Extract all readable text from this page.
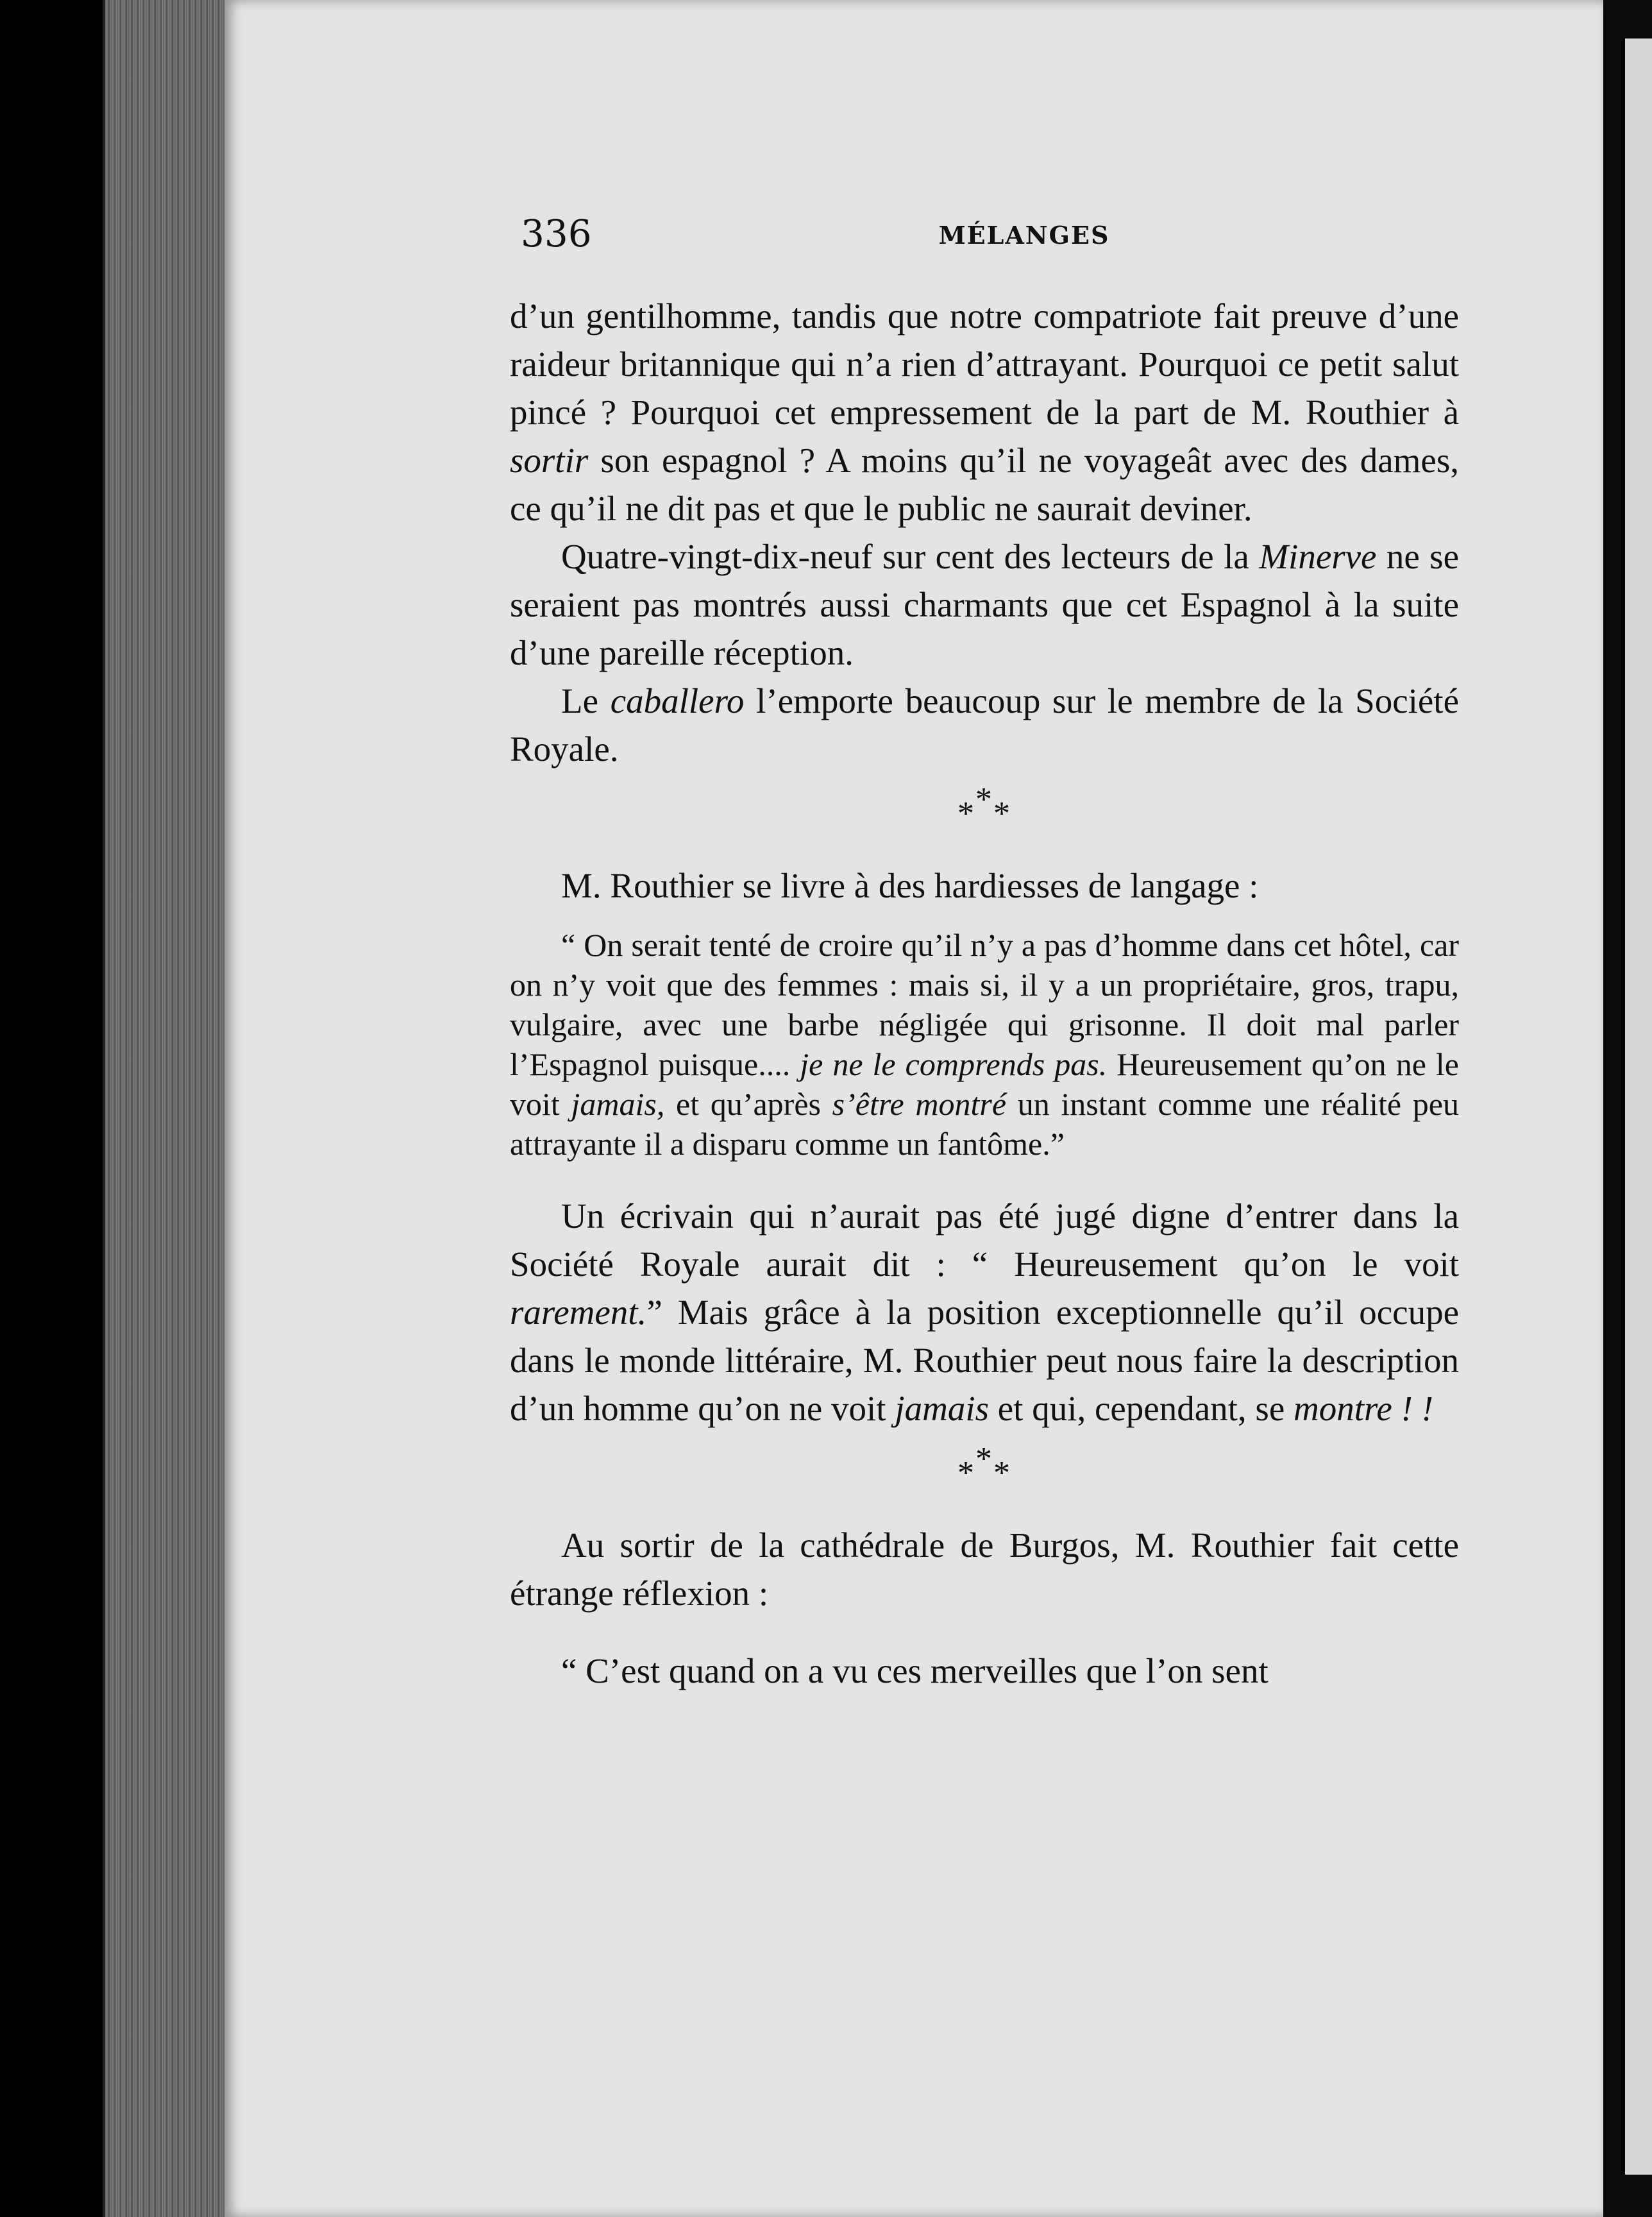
336	MÉLANGES

d’un gentilhomme, tandis que notre compatriote fait preuve d’une raideur britannique qui n’a rien d’attrayant. Pourquoi ce petit salut pincé ? Pourquoi cet empressement de la part de M. Routhier à sortir son espagnol ? A moins qu’il ne voyageât avec des dames, ce qu’il ne dit pas et que le public ne saurait deviner.

Quatre-vingt-dix-neuf sur cent des lecteurs de la Minerve ne se seraient pas montrés aussi charmants que cet Espagnol à la suite d’une pareille réception.

Le caballero l’emporte beaucoup sur le membre de la Société Royale.

***

M. Routhier se livre à des hardiesses de langage :

“ On serait tenté de croire qu’il n’y a pas d’homme dans cet hôtel, car on n’y voit que des femmes : mais si, il y a un propriétaire, gros, trapu, vulgaire, avec une barbe négligée qui grisonne. Il doit mal parler l’Espagnol puisque.... je ne le comprends pas. Heureusement qu’on ne le voit jamais, et qu’après s’être montré un instant comme une réalité peu attrayante il a disparu comme un fantôme.”

Un écrivain qui n’aurait pas été jugé digne d’entrer dans la Société Royale aurait dit : “ Heureusement qu’on le voit rarement.” Mais grâce à la position exceptionnelle qu’il occupe dans le monde littéraire, M. Routhier peut nous faire la description d’un homme qu’on ne voit jamais et qui, cependant, se montre ! !

***

Au sortir de la cathédrale de Burgos, M. Routhier fait cette étrange réflexion :

“ C’est quand on a vu ces merveilles que l’on sent
